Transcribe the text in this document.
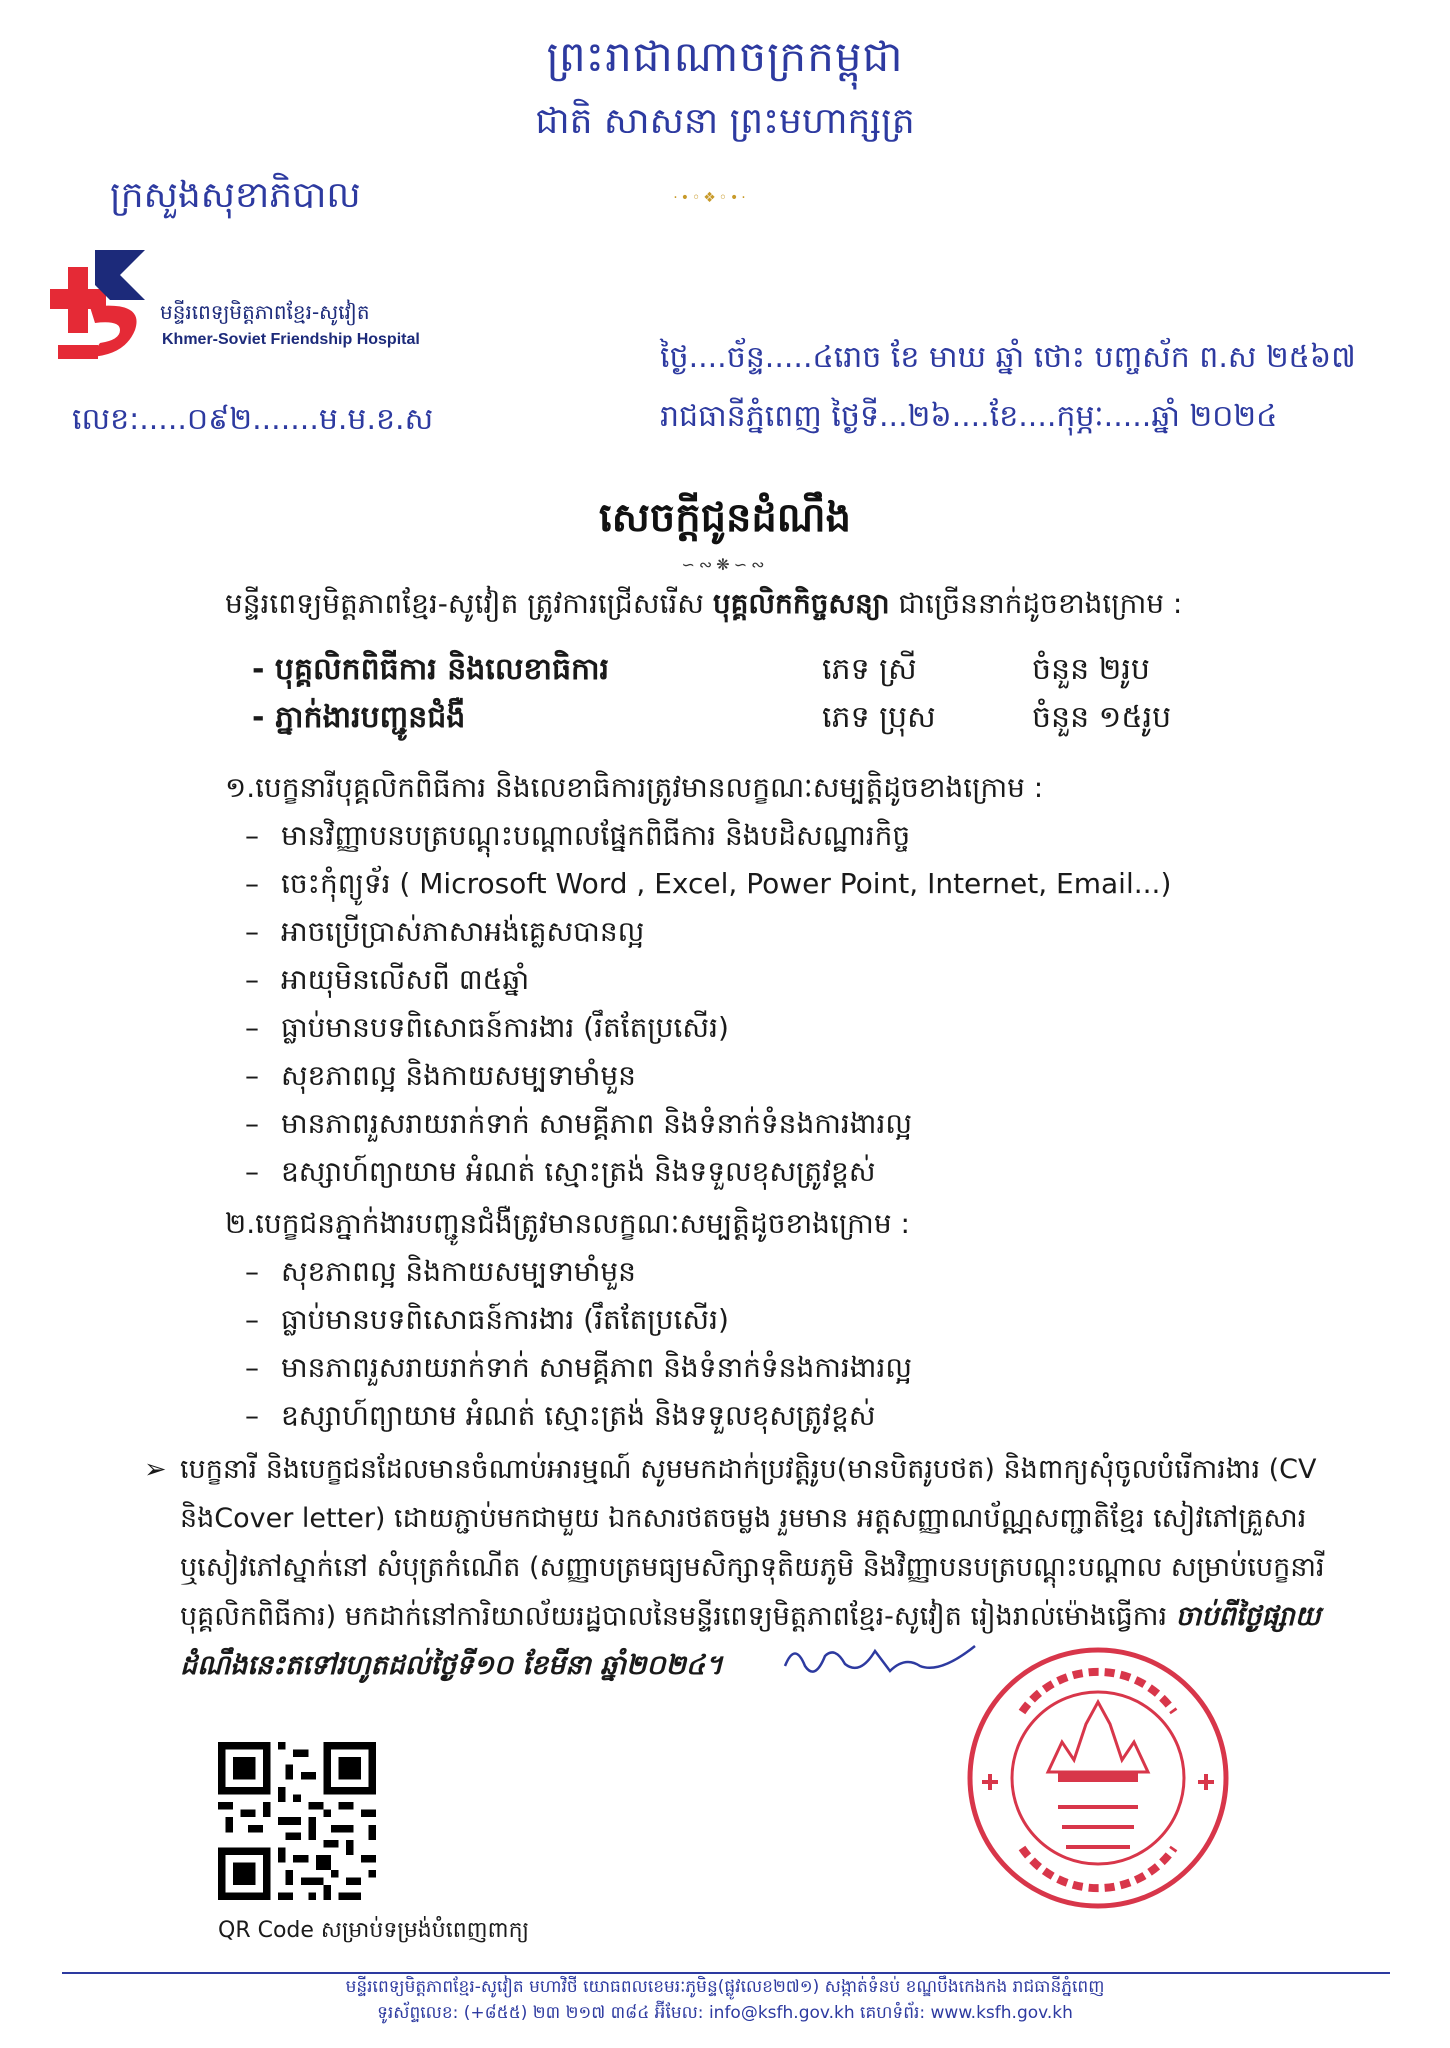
ព្រះរាជាណាចក្រកម្ពុជា
ជាតិ សាសនា ព្រះមហាក្សត្រ
·•◦❖◦•·
ក្រសួងសុខាភិបាល
មន្ទីរពេទ្យមិត្តភាពខ្មែរ-សូវៀត
Khmer-Soviet Friendship Hospital
ថ្ងៃ....ច័ន្ទ.....៤រោច ខែ មាឃ ឆ្នាំ ថោះ បញ្ចស័ក ព.ស ២៥៦៧
រាជធានីភ្នំពេញ ថ្ងៃទី...២៦....ខែ....កុម្ភៈ.....ឆ្នាំ ២០២៤
លេខ:.....០៩២.......ម.ម.ខ.ស
សេចក្តីជូនដំណឹង
∽∾❋∽∾
មន្ទីរពេទ្យមិត្តភាពខ្មែរ-សូវៀត ត្រូវការជ្រើសរើស បុគ្គលិកកិច្ចសន្យា ជាច្រើននាក់ដូចខាងក្រោម :
- បុគ្គលិកពិធីការ និងលេខាធិការ	ភេទ ស្រី	ចំនួន ២រូប
- ភ្នាក់ងារបញ្ជូនជំងឺ	ភេទ ប្រុស	ចំនួន ១៥រូប
១.បេក្ខនារីបុគ្គលិកពិធីការ និងលេខាធិការត្រូវមានលក្ខណៈសម្បត្តិដូចខាងក្រោម :
– មានវិញ្ញាបនបត្របណ្តុះបណ្តាលផ្នែកពិធីការ និងបដិសណ្ឋារកិច្ច
– ចេះកុំព្យូទ័រ ( Microsoft Word , Excel, Power Point, Internet, Email...)
– អាចប្រើប្រាស់ភាសាអង់គ្លេសបានល្អ
– អាយុមិនលើសពី ៣៥ឆ្នាំ
– ធ្លាប់មានបទពិសោធន៍ការងារ (រឹតតែប្រសើរ)
– សុខភាពល្អ និងកាយសម្បទាមាំមួន
– មានភាពរួសរាយរាក់ទាក់ សាមគ្គីភាព និងទំនាក់ទំនងការងារល្អ
– ឧស្សាហ៍ព្យាយាម អំណត់ ស្មោះត្រង់ និងទទួលខុសត្រូវខ្ពស់
២.បេក្ខជនភ្នាក់ងារបញ្ជូនជំងឺត្រូវមានលក្ខណៈសម្បត្តិដូចខាងក្រោម :
– សុខភាពល្អ និងកាយសម្បទាមាំមួន
– ធ្លាប់មានបទពិសោធន៍ការងារ (រឹតតែប្រសើរ)
– មានភាពរួសរាយរាក់ទាក់ សាមគ្គីភាព និងទំនាក់ទំនងការងារល្អ
– ឧស្សាហ៍ព្យាយាម អំណត់ ស្មោះត្រង់ និងទទួលខុសត្រូវខ្ពស់
➢ បេក្ខនារី និងបេក្ខជនដែលមានចំណាប់អារម្មណ៍ សូមមកដាក់ប្រវត្តិរូប(មានបិតរូបថត) និងពាក្យសុំចូលបំរើការងារ (CV និងCover letter) ដោយភ្ជាប់មកជាមួយ ឯកសារថតចម្លង រួមមាន អត្តសញ្ញាណប័ណ្ណសញ្ជាតិខ្មែរ សៀវភៅគ្រួសារ ឬសៀវភៅស្នាក់នៅ សំបុត្រកំណើត (សញ្ញាបត្រមធ្យមសិក្សាទុតិយភូមិ និងវិញ្ញាបនបត្របណ្តុះបណ្តាល សម្រាប់បេក្ខនារីបុគ្គលិកពិធីការ) មកដាក់នៅការិយាល័យរដ្ឋបាលនៃមន្ទីរពេទ្យមិត្តភាពខ្មែរ-សូវៀត រៀងរាល់ម៉ោងធ្វើការ ចាប់ពីថ្ងៃផ្សាយដំណឹងនេះតទៅរហូតដល់ថ្ងៃទី១០ ខែមីនា ឆ្នាំ២០២៤។
QR Code សម្រាប់ទម្រង់បំពេញពាក្យ
មន្ទីរពេទ្យមិត្តភាពខ្មែរ-សូវៀត មហាវិថី យោធពលខេមរៈភូមិន្ទ(ផ្លូវលេខ២៧១) សង្កាត់ទំនប់ ខណ្ឌបឹងកេងកង រាជធានីភ្នំពេញ
ទូរស័ព្ទលេខ: (+៨៥៥) ២៣ ២១៧ ៣៨៤ អ៊ីមែល: info@ksfh.gov.kh គេហទំព័រ: www.ksfh.gov.kh
